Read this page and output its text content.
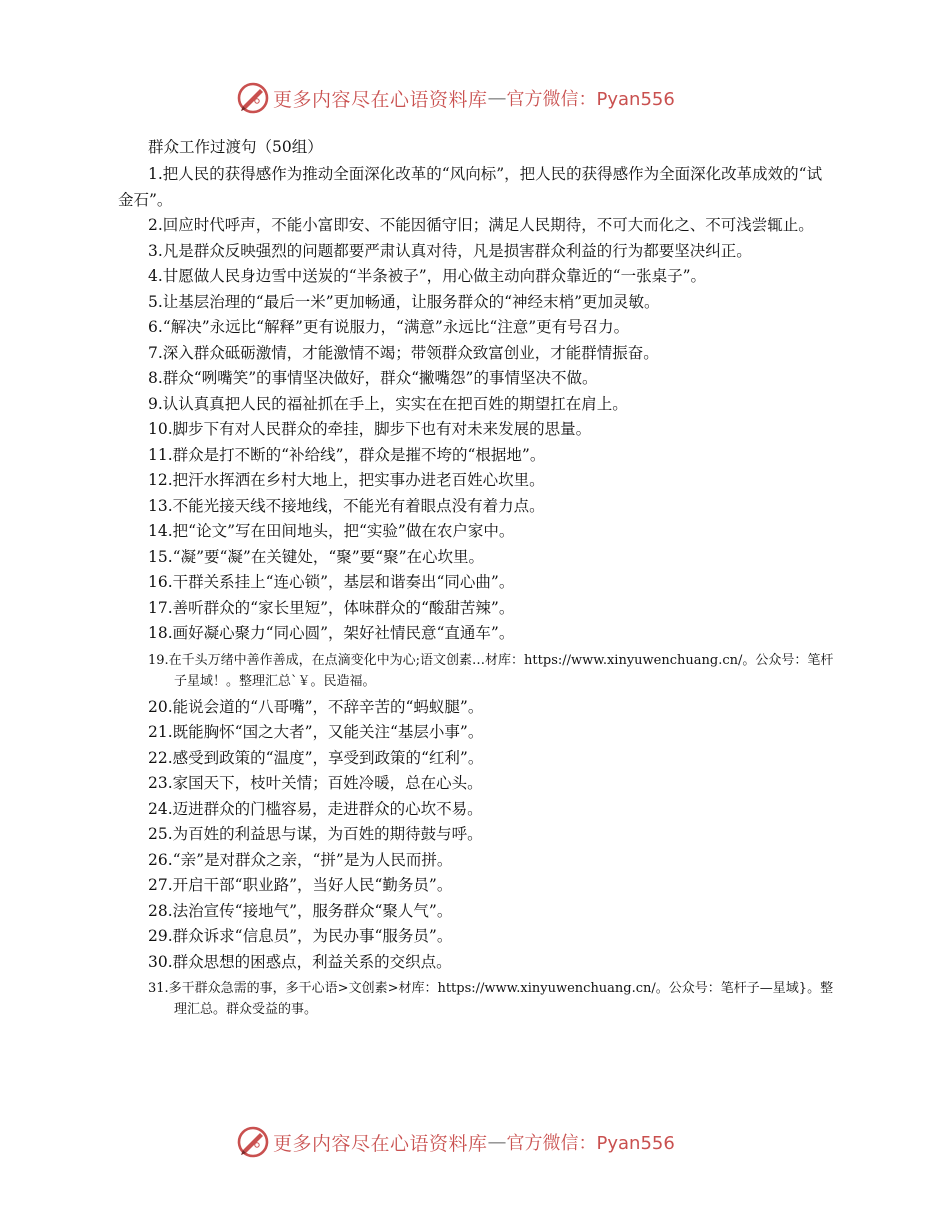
更多内容尽在心语资料库 — 官方微信：Pyan556
群众工作过渡句（50组）

1.把人民的获得感作为推动全面深化改革的“风向标”，把人民的获得感作为全面深化改革成效的“试金石”。

2.回应时代呼声，不能小富即安、不能因循守旧；满足人民期待，不可大而化之、不可浅尝辄止。

3.凡是群众反映强烈的问题都要严肃认真对待，凡是损害群众利益的行为都要坚决纠正。

4.甘愿做人民身边雪中送炭的“半条被子”，用心做主动向群众靠近的“一张桌子”。
5.让基层治理的“最后一米”更加畅通，让服务群众的“神经末梢”更加灵敏。
6.“解决”永远比“解释”更有说服力，“满意”永远比“注意”更有号召力。
7.深入群众砥砺激情，才能激情不竭；带领群众致富创业，才能群情振奋。
8.群众“咧嘴笑”的事情坚决做好，群众“撇嘴怨”的事情坚决不做。
9.认认真真把人民的福祉抓在手上，实实在在把百姓的期望扛在肩上。
10.脚步下有对人民群众的牵挂，脚步下也有对未来发展的思量。
11.群众是打不断的“补给线”，群众是摧不垮的“根据地”。
12.把汗水挥洒在乡村大地上，把实事办进老百姓心坎里。
13.不能光接天线不接地线，不能光有着眼点没有着力点。
14.把“论文”写在田间地头，把“实验”做在农户家中。
15.“凝”要“凝”在关键处，“聚”要“聚”在心坎里。
16.干群关系挂上“连心锁”，基层和谐奏出“同心曲”。
17.善听群众的“家长里短”，体味群众的“酸甜苦辣”。
18.画好凝心聚力“同心圆”，架好社情民意“直通车”。
19.在千头万绪中善作善成，在点滴变化中为心;语文创素…材库：https://www.xinyuwenchuang.cn/。公众号：笔杆子星域！。整理汇总`￥。民造福。
20.能说会道的“八哥嘴”，不辞辛苦的“蚂蚁腿”。
21.既能胸怀“国之大者”，又能关注“基层小事”。
22.感受到政策的“温度”，享受到政策的“红利”。
23.家国天下，枝叶关情；百姓冷暖，总在心头。
24.迈进群众的门槛容易，走进群众的心坎不易。
25.为百姓的利益思与谋，为百姓的期待鼓与呼。
26.“亲”是对群众之亲，“拼”是为人民而拼。
27.开启干部“职业路”，当好人民“勤务员”。
28.法治宣传“接地气”，服务群众“聚人气”。
29.群众诉求“信息员”，为民办事“服务员”。
30.群众思想的困惑点，利益关系的交织点。
31.多干群众急需的事，多干心语>文创素>材库：https://www.xinyuwenchuang.cn/。公众号：笔杆子—星域}。整理汇总。群众受益的事。
更多内容尽在心语资料库 — 官方微信：Pyan556
